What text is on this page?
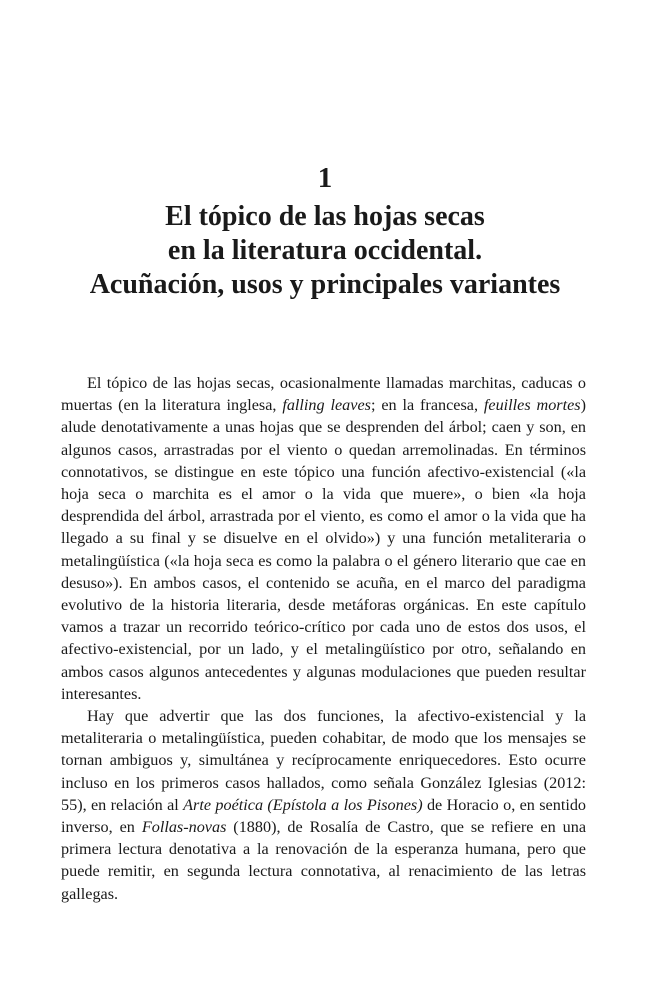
1
El tópico de las hojas secas
en la literatura occidental.
Acuñación, usos y principales variantes

El tópico de las hojas secas, ocasionalmente llamadas marchitas, caducas o muertas (en la literatura inglesa, falling leaves; en la francesa, feuilles mortes) alude denotativamente a unas hojas que se desprenden del árbol; caen y son, en algunos casos, arrastradas por el viento o quedan arremolinadas. En términos connotativos, se distingue en este tópico una función afectivo-existencial («la hoja seca o marchita es el amor o la vida que muere», o bien «la hoja desprendida del árbol, arrastrada por el viento, es como el amor o la vida que ha llegado a su final y se disuelve en el olvido») y una función metaliteraria o metalingüística («la hoja seca es como la palabra o el género literario que cae en desuso»). En ambos casos, el contenido se acuña, en el marco del paradigma evolutivo de la historia literaria, desde metáforas orgánicas. En este capítulo vamos a trazar un recorrido teórico-crítico por cada uno de estos dos usos, el afectivo-existencial, por un lado, y el metalingüístico por otro, señalando en ambos casos algunos antecedentes y algunas modulaciones que pueden resultar interesantes.

Hay que advertir que las dos funciones, la afectivo-existencial y la metaliteraria o metalingüística, pueden cohabitar, de modo que los mensajes se tornan ambiguos y, simultánea y recíprocamente enriquecedores. Esto ocurre incluso en los primeros casos hallados, como señala González Iglesias (2012: 55), en relación al Arte poética (Epístola a los Pisones) de Horacio o, en sentido inverso, en Follas-novas (1880), de Rosalía de Castro, que se refiere en una primera lectura denotativa a la renovación de la esperanza humana, pero que puede remitir, en segunda lectura connotativa, al renacimiento de las letras gallegas.
